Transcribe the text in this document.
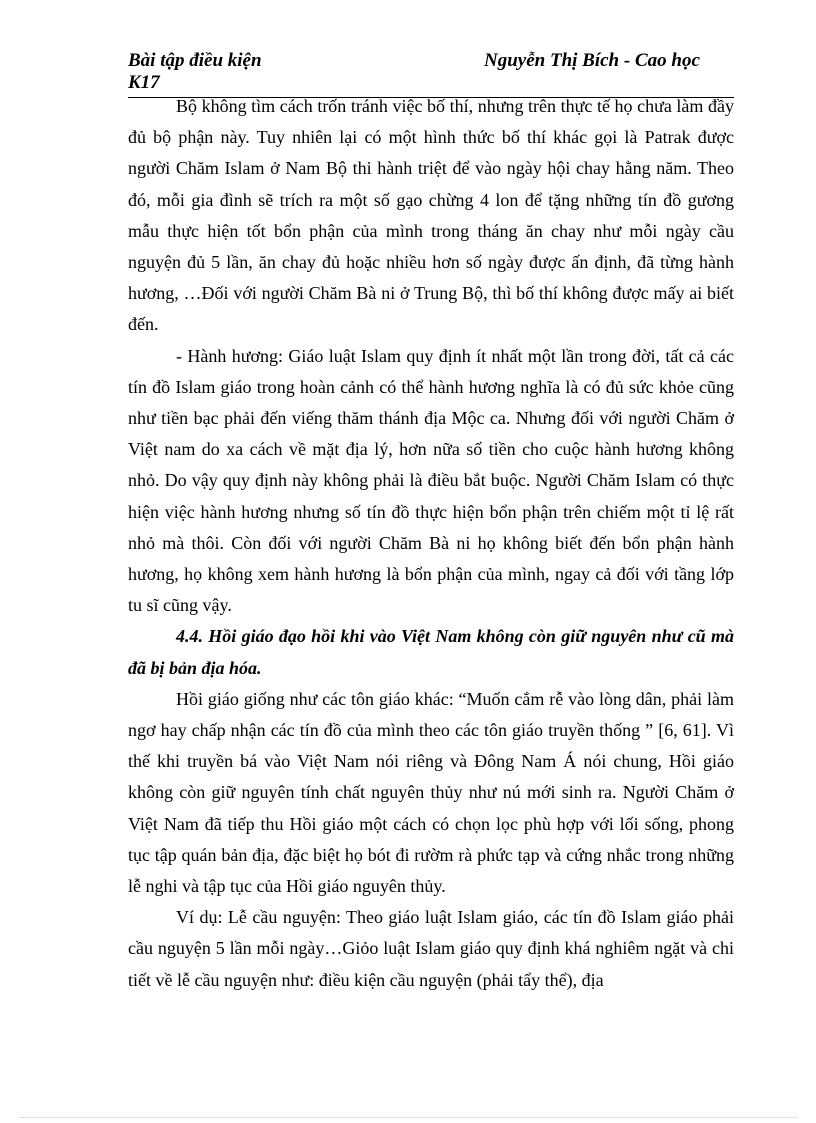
Bài tập điều kiện
K17
Nguyễn Thị Bích - Cao học

Bộ không tìm cách trốn tránh việc bố thí, nhưng trên thực tế họ chưa làm đầy đủ bộ phận này. Tuy nhiên lại có một hình thức bố thí khác gọi là Patrak được người Chăm Islam ở Nam Bộ thi hành triệt để vào ngày hội chay hằng năm. Theo đó, mỗi gia đình sẽ trích ra một số gạo chừng 4 lon để tặng những tín đồ gương mẫu thực hiện tốt bổn phận của mình trong tháng ăn chay như mỗi ngày cầu nguyện đủ 5 lần, ăn chay đủ hoặc nhiều hơn số ngày được ấn định, đã từng hành hương, …Đối với người Chăm Bà ni ở Trung Bộ, thì bố thí không được mấy ai biết đến.

- Hành hương: Giáo luật Islam quy định ít nhất một lần trong đời, tất cả các tín đồ Islam giáo trong hoàn cảnh có thể hành hương nghĩa là có đủ sức khỏe cũng như tiền bạc phải đến viếng thăm thánh địa Mộc ca. Nhưng đối với người Chăm ở Việt nam do xa cách về mặt địa lý, hơn nữa số tiền cho cuộc hành hương không nhỏ. Do vậy quy định này không phải là điều bắt buộc. Người Chăm Islam có thực hiện việc hành hương nhưng số tín đồ thực hiện bổn phận trên chiếm một tỉ lệ rất nhỏ mà thôi. Còn đối với người Chăm Bà ni họ không biết đến bổn phận hành hương, họ không xem hành hương là bổn phận của mình, ngay cả đối với tầng lớp tu sĩ cũng vậy.

4.4. Hồi giáo đạo hồi khi vào Việt Nam không còn giữ nguyên như cũ mà đã bị bản địa hóa.

Hồi giáo giống như các tôn giáo khác: “Muốn cắm rễ vào lòng dân, phải làm ngơ hay chấp nhận các tín đồ của mình theo các tôn giáo truyền thống ” [6, 61]. Vì thế khi truyền bá vào Việt Nam nói riêng và Đông Nam Á nói chung, Hồi giáo không còn giữ nguyên tính chất nguyên thủy như nú mới sinh ra. Người Chăm ở Việt Nam đã tiếp thu Hồi giáo một cách có chọn lọc phù hợp với lối sống, phong tục tập quán bản địa, đặc biệt họ bót đi rườm rà phức tạp và cứng nhắc trong những lễ nghi và tập tục của Hồi giáo nguyên thủy.

Ví dụ: Lễ cầu nguyện: Theo giáo luật Islam giáo, các tín đồ Islam giáo phải cầu nguyện 5 lần mỗi ngày…Giỏo luật Islam giáo quy định khá nghiêm ngặt và chi tiết về lễ cầu nguyện như: điều kiện cầu nguyện (phải tẩy thể), địa
